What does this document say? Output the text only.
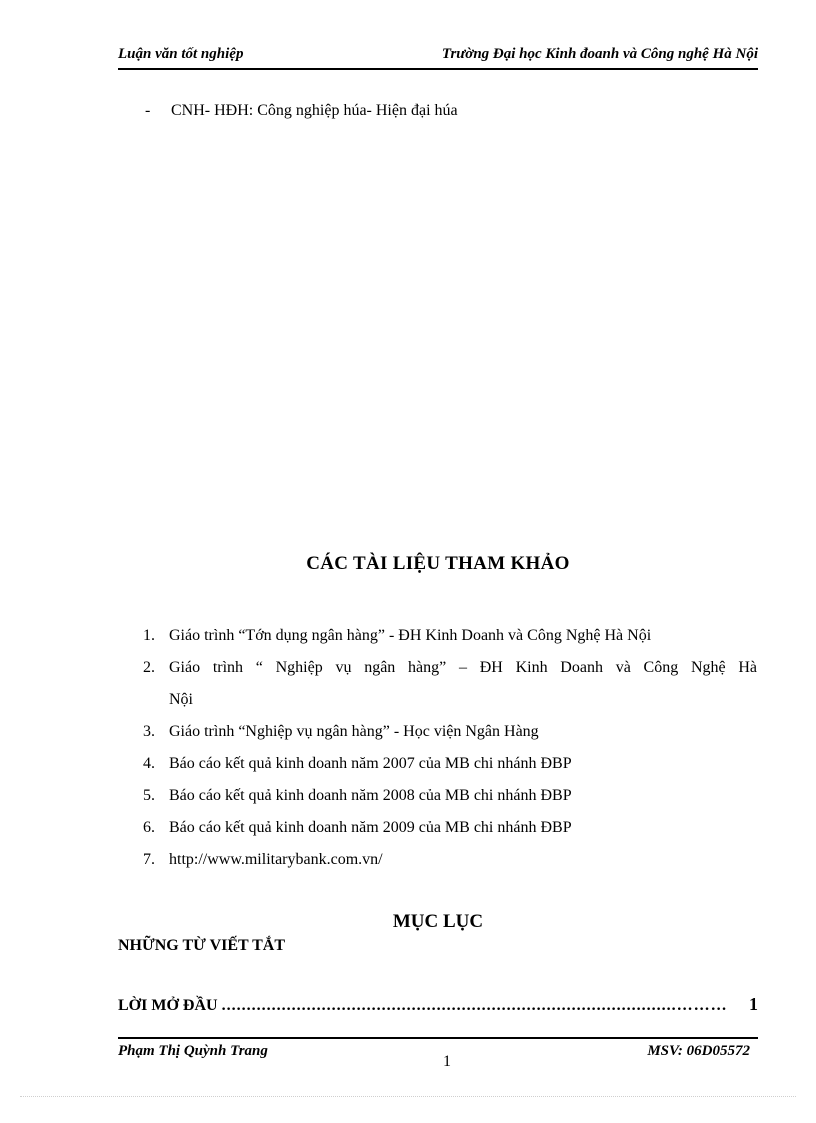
Luận văn tốt nghiệp	Trường Đại học Kinh đoanh và Công nghệ Hà Nội
- CNH- HĐH: Công nghiệp húa- Hiện đại húa
CÁC TÀI LIỆU THAM KHẢO
1. Giáo trình “Tớn dụng ngân hàng” - ĐH Kinh Doanh và Công Nghệ Hà Nội
2. Giáo trình “ Nghiệp vụ ngân hàng” – ĐH Kinh Doanh và Công Nghệ Hà
Nội
3. Giáo trình “Nghiệp vụ ngân hàng” - Học viện Ngân Hàng
4. Báo cáo kết quả kinh doanh năm 2007 của MB chi nhánh ĐBP
5. Báo cáo kết quả kinh doanh năm 2008 của MB chi nhánh ĐBP
6. Báo cáo kết quả kinh doanh năm 2009 của MB chi nhánh ĐBP
7. http://www.militarybank.com.vn/
MỤC LỤC
NHỮNG TỪ VIẾT TẮT
LỜI MỞ ĐẦU ...........................................................................................………	1
Phạm Thị Quỳnh Trang	MSV: 06D05572
1
